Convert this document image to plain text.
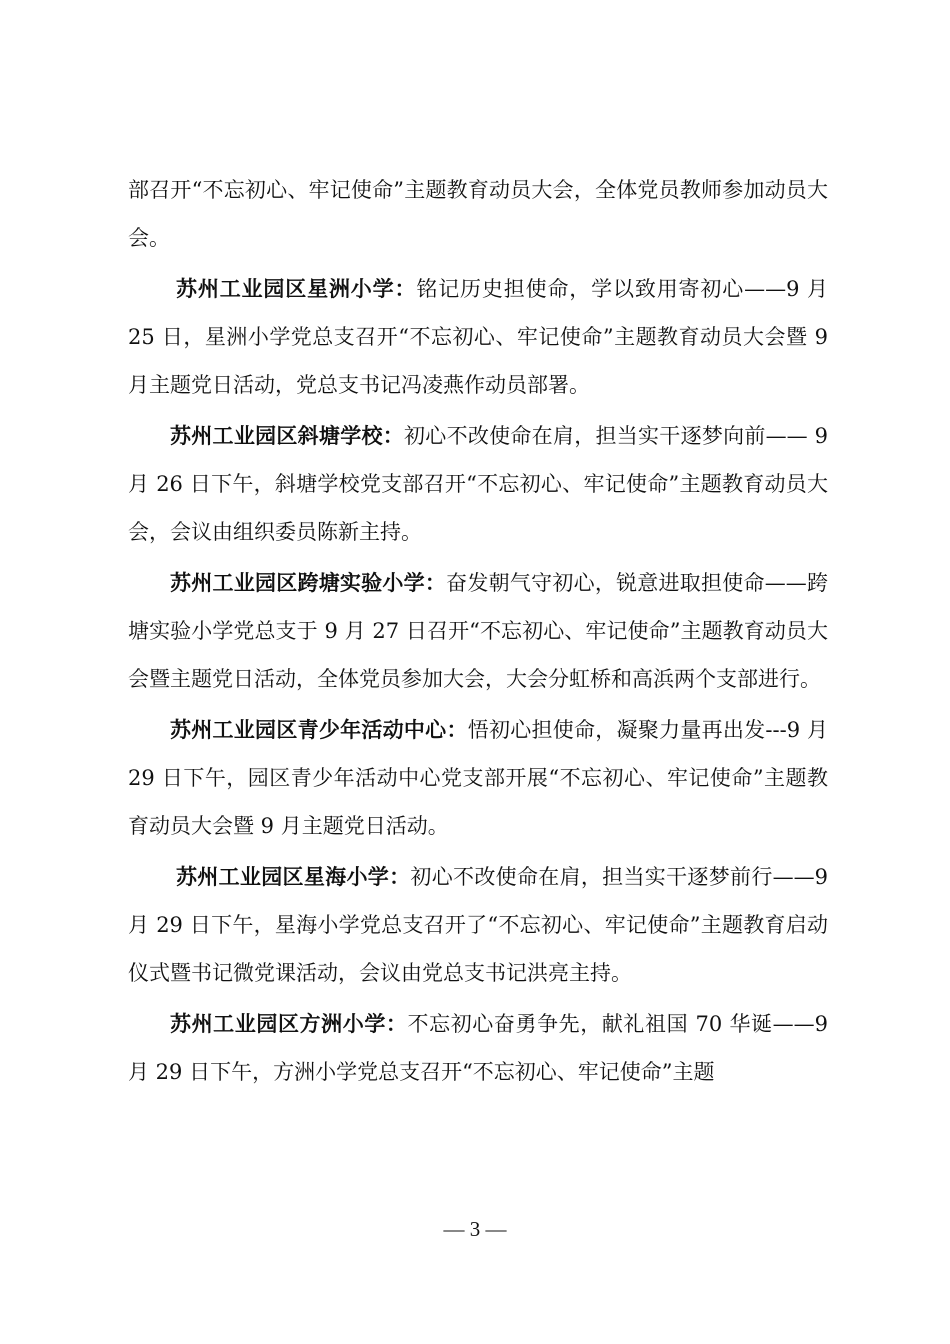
部召开“不忘初心、牢记使命”主题教育动员大会，全体党员教师参加动员大会。

苏州工业园区星洲小学：铭记历史担使命，学以致用寄初心——9 月 25 日，星洲小学党总支召开“不忘初心、牢记使命”主题教育动员大会暨 9 月主题党日活动，党总支书记冯凌燕作动员部署。

苏州工业园区斜塘学校：初心不改使命在肩，担当实干逐梦向前—— 9 月 26 日下午，斜塘学校党支部召开“不忘初心、牢记使命”主题教育动员大会，会议由组织委员陈新主持。

苏州工业园区跨塘实验小学：奋发朝气守初心，锐意进取担使命——跨塘实验小学党总支于 9 月 27 日召开“不忘初心、牢记使命”主题教育动员大会暨主题党日活动，全体党员参加大会，大会分虹桥和高浜两个支部进行。

苏州工业园区青少年活动中心：悟初心担使命，凝聚力量再出发---9 月 29 日下午，园区青少年活动中心党支部开展“不忘初心、牢记使命”主题教育动员大会暨 9 月主题党日活动。

苏州工业园区星海小学：初心不改使命在肩，担当实干逐梦前行——9 月 29 日下午，星海小学党总支召开了“不忘初心、牢记使命”主题教育启动仪式暨书记微党课活动，会议由党总支书记洪亮主持。

苏州工业园区方洲小学：不忘初心奋勇争先，献礼祖国 70 华诞——9 月 29 日下午，方洲小学党总支召开“不忘初心、牢记使命”主题

— 3 —
